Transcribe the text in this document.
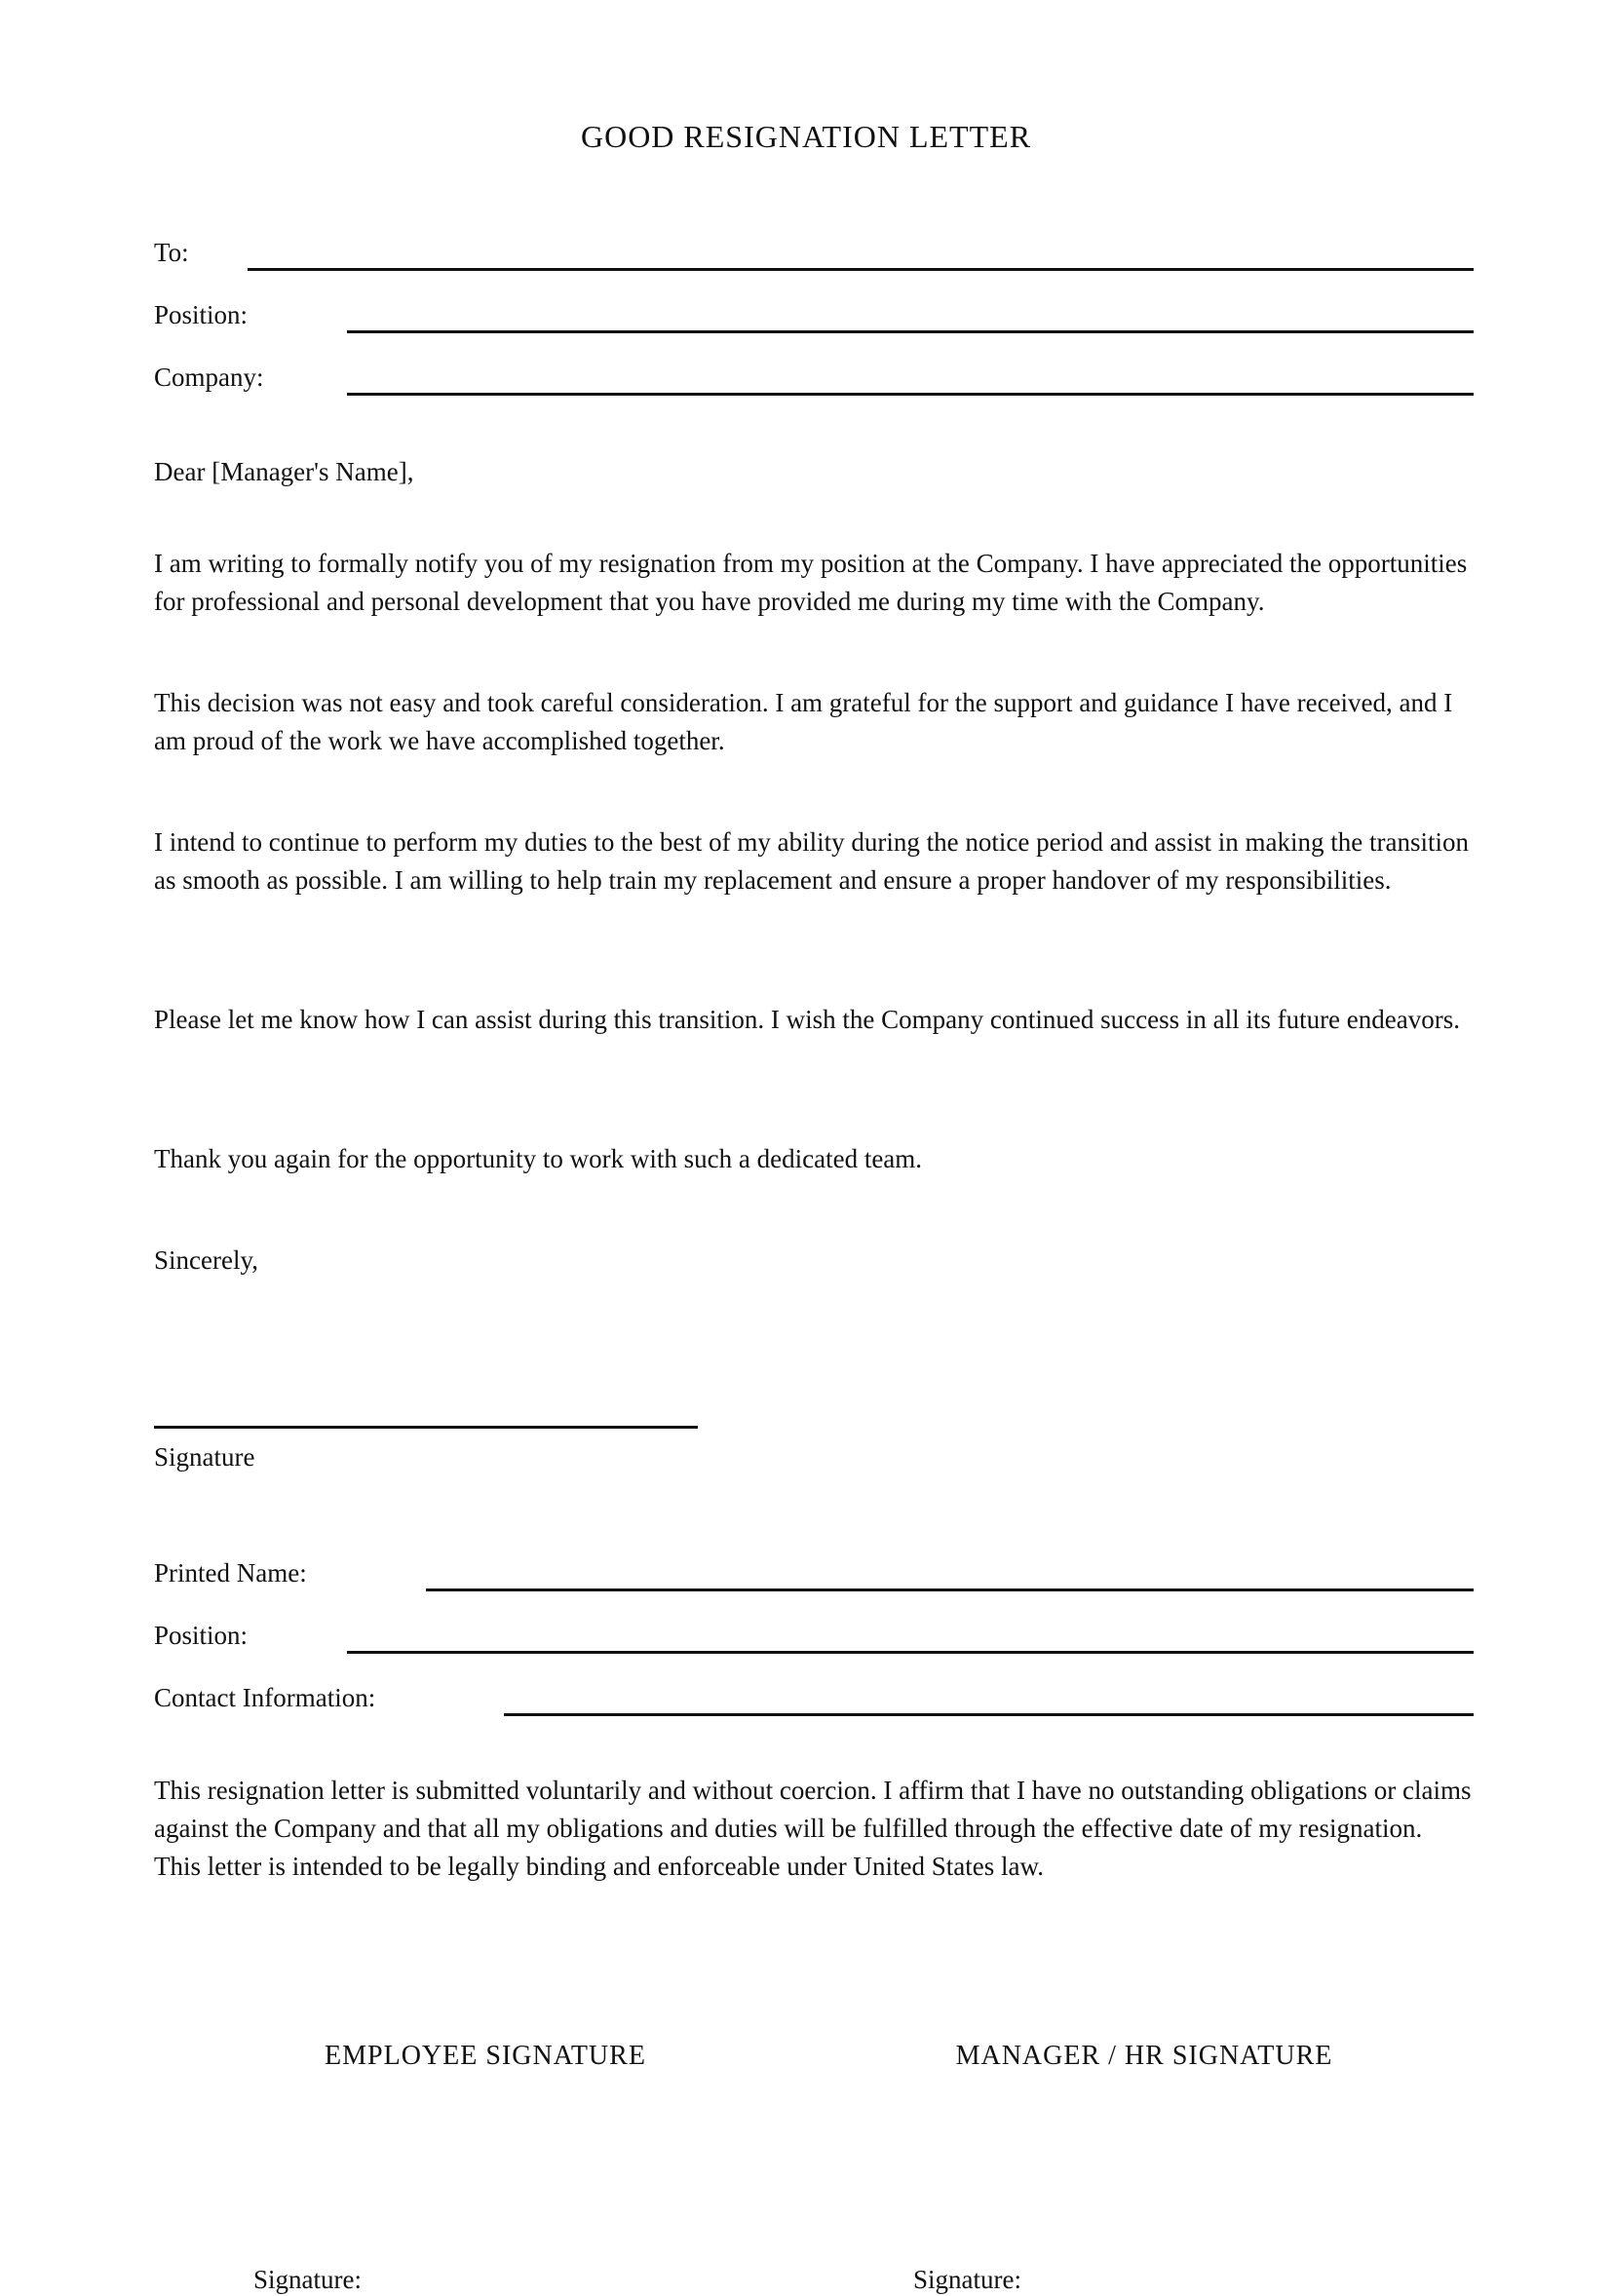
GOOD RESIGNATION LETTER
To:
Position:
Company:

Dear [Manager's Name],

I am writing to formally notify you of my resignation from my position at the Company. I have appreciated the opportunities for professional and personal development that you have provided me during my time with the Company.

This decision was not easy and took careful consideration. I am grateful for the support and guidance I have received, and I am proud of the work we have accomplished together.

I intend to continue to perform my duties to the best of my ability during the notice period and assist in making the transition as smooth as possible. I am willing to help train my replacement and ensure a proper handover of my responsibilities.

Please let me know how I can assist during this transition. I wish the Company continued success in all its future endeavors.

Thank you again for the opportunity to work with such a dedicated team.

Sincerely,

Signature
Printed Name:
Position:
Contact Information:

This resignation letter is submitted voluntarily and without coercion. I affirm that I have no outstanding obligations or claims against the Company and that all my obligations and duties will be fulfilled through the effective date of my resignation. This letter is intended to be legally binding and enforceable under United States law.

EMPLOYEE SIGNATURE	MANAGER / HR SIGNATURE
Signature:	Signature:
